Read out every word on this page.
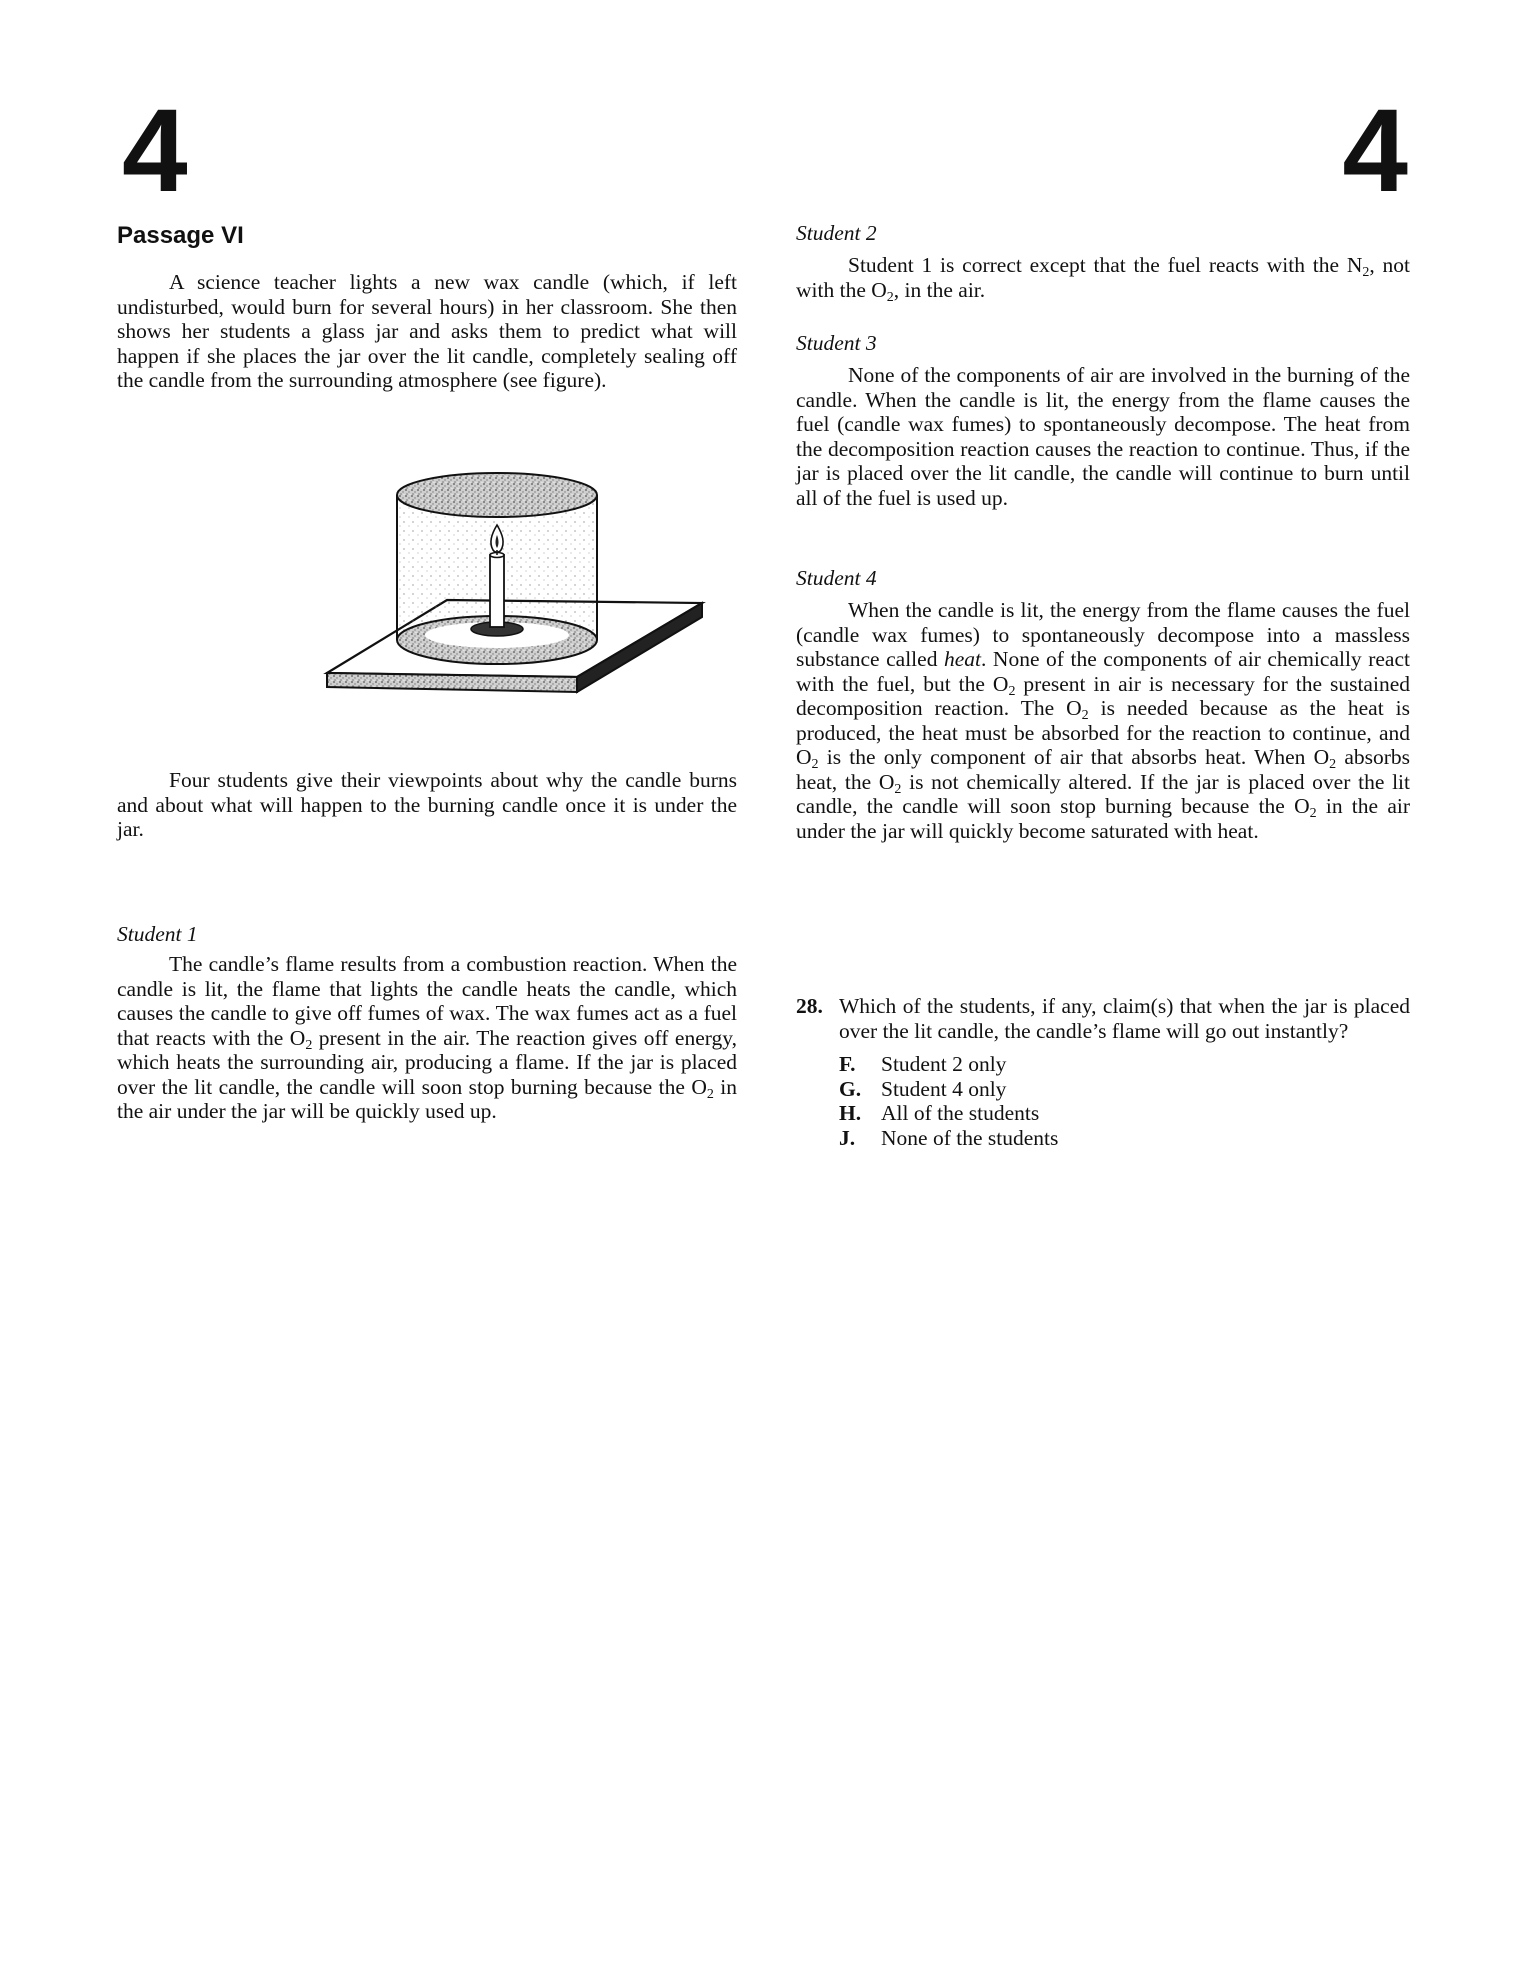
4	4
Passage VI

A science teacher lights a new wax candle (which, if left undisturbed, would burn for several hours) in her classroom. She then shows her students a glass jar and asks them to predict what will happen if she places the jar over the lit candle, completely sealing off the candle from the surrounding atmosphere (see figure).

Four students give their viewpoints about why the candle burns and about what will happen to the burning candle once it is under the jar.

Student 1

The candle’s flame results from a combustion reaction. When the candle is lit, the flame that lights the candle heats the candle, which causes the candle to give off fumes of wax. The wax fumes act as a fuel that reacts with the $O_2$ present in the air. The reaction gives off energy, which heats the surrounding air, producing a flame. If the jar is placed over the lit candle, the candle will soon stop burning because the $O_2$ in the air under the jar will be quickly used up.

Student 2

Student 1 is correct except that the fuel reacts with the $N_2$, not with the $O_2$, in the air.

Student 3

None of the components of air are involved in the burning of the candle. When the candle is lit, the energy from the flame causes the fuel (candle wax fumes) to spontaneously decompose. The heat from the decomposition reaction causes the reaction to continue. Thus, if the jar is placed over the lit candle, the candle will continue to burn until all of the fuel is used up.

Student 4

When the candle is lit, the energy from the flame causes the fuel (candle wax fumes) to spontaneously decompose into a massless substance called heat. None of the components of air chemically react with the fuel, but the $O_2$ present in air is necessary for the sustained decomposition reaction. The $O_2$ is needed because as the heat is produced, the heat must be absorbed for the reaction to continue, and $O_2$ is the only component of air that absorbs heat. When $O_2$ absorbs heat, the $O_2$ is not chemically altered. If the jar is placed over the lit candle, the candle will soon stop burning because the $O_2$ in the air under the jar will quickly become saturated with heat.

28. Which of the students, if any, claim(s) that when the jar is placed over the lit candle, the candle’s flame will go out instantly?
F.	Student 2 only
G. Student 4 only
H. All of the students
J.	None of the students
